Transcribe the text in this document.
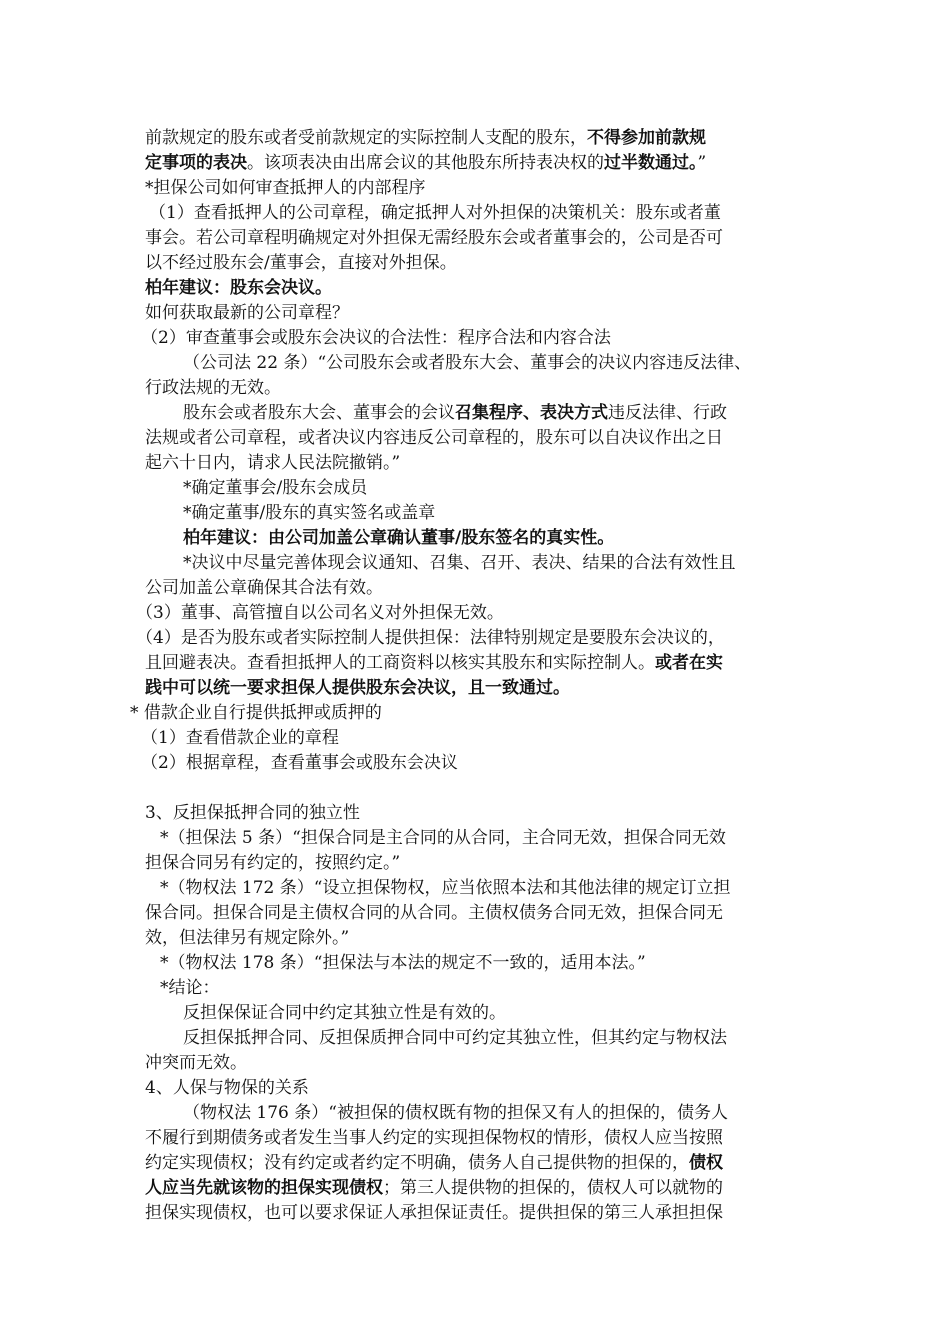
前款规定的股东或者受前款规定的实际控制人支配的股东，不得参加前款规
定事项的表决。该项表决由出席会议的其他股东所持表决权的过半数通过。”
*担保公司如何审查抵押人的内部程序
（1）查看抵押人的公司章程，确定抵押人对外担保的决策机关：股东或者董
事会。若公司章程明确规定对外担保无需经股东会或者董事会的，公司是否可
以不经过股东会/董事会，直接对外担保。
柏年建议：股东会决议。
如何获取最新的公司章程？
（2）审查董事会或股东会决议的合法性：程序合法和内容合法
（公司法 22 条）“公司股东会或者股东大会、董事会的决议内容违反法律、
行政法规的无效。
股东会或者股东大会、董事会的会议召集程序、表决方式违反法律、行政
法规或者公司章程，或者决议内容违反公司章程的，股东可以自决议作出之日
起六十日内，请求人民法院撤销。”
*确定董事会/股东会成员
*确定董事/股东的真实签名或盖章
柏年建议：由公司加盖公章确认董事/股东签名的真实性。
*决议中尽量完善体现会议通知、召集、召开、表决、结果的合法有效性且
公司加盖公章确保其合法有效。
（3）董事、高管擅自以公司名义对外担保无效。
（4）是否为股东或者实际控制人提供担保：法律特别规定是要股东会决议的，
且回避表决。查看担抵押人的工商资料以核实其股东和实际控制人。或者在实
践中可以统一要求担保人提供股东会决议，且一致通过。
* 借款企业自行提供抵押或质押的
（1）查看借款企业的章程
（2）根据章程，查看董事会或股东会决议
3、反担保抵押合同的独立性
*（担保法 5 条）“担保合同是主合同的从合同，主合同无效，担保合同无效
担保合同另有约定的，按照约定。”
*（物权法 172 条）“设立担保物权，应当依照本法和其他法律的规定订立担
保合同。担保合同是主债权合同的从合同。主债权债务合同无效，担保合同无
效，但法律另有规定除外。”
*（物权法 178 条）“担保法与本法的规定不一致的，适用本法。”
*结论：
反担保保证合同中约定其独立性是有效的。
反担保抵押合同、反担保质押合同中可约定其独立性，但其约定与物权法
冲突而无效。
4、人保与物保的关系
（物权法 176 条）“被担保的债权既有物的担保又有人的担保的，债务人
不履行到期债务或者发生当事人约定的实现担保物权的情形，债权人应当按照
约定实现债权；没有约定或者约定不明确，债务人自己提供物的担保的，债权
人应当先就该物的担保实现债权；第三人提供物的担保的，债权人可以就物的
担保实现债权，也可以要求保证人承担保证责任。提供担保的第三人承担担保
